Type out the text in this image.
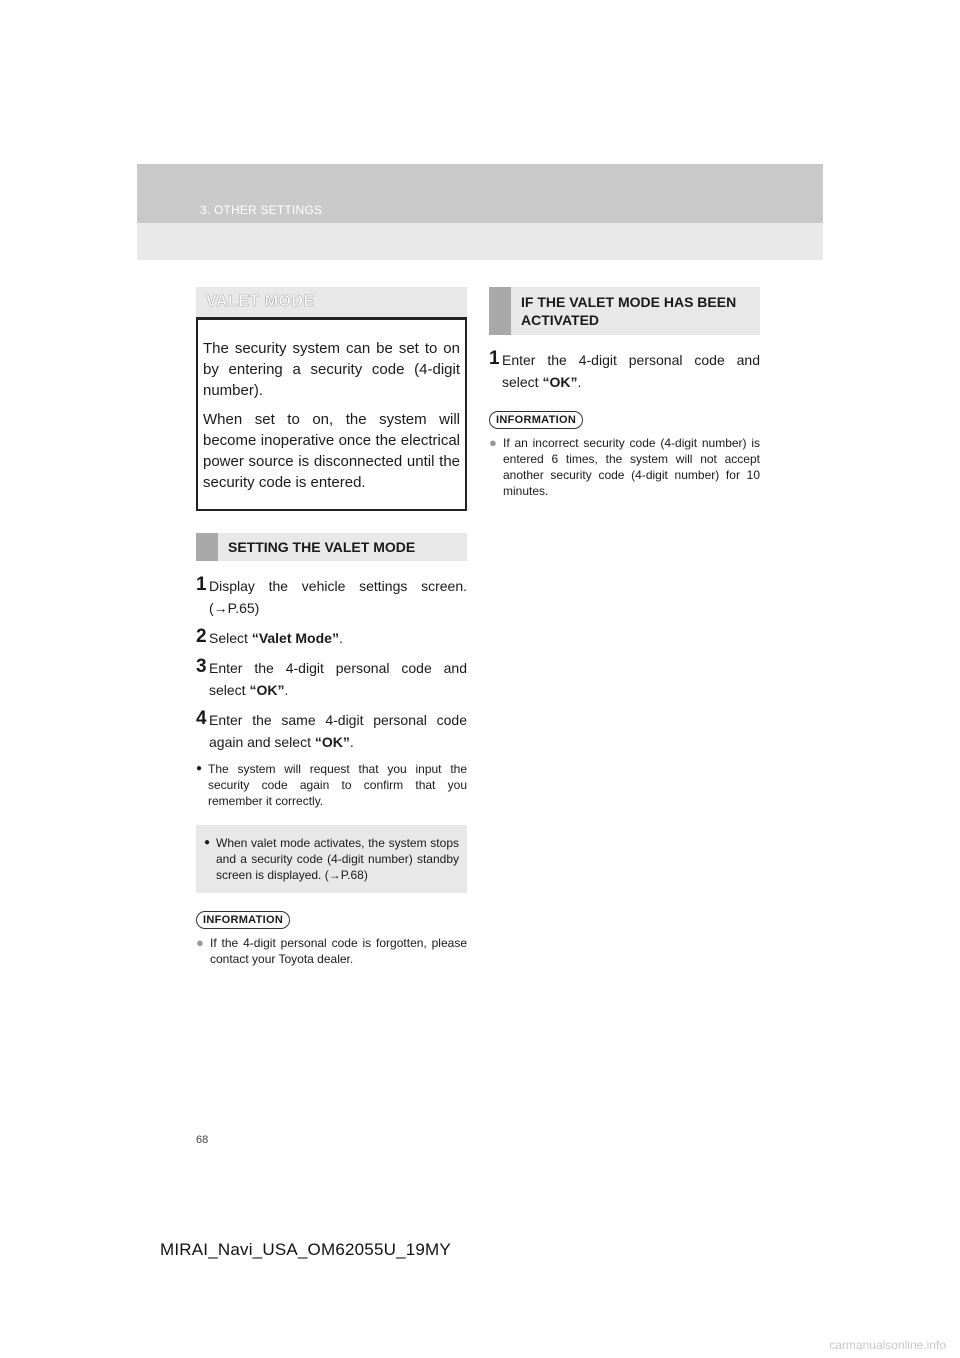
3. OTHER SETTINGS
VALET MODE

The security system can be set to on by entering a security code (4-digit number).

When set to on, the system will become inoperative once the electrical power source is disconnected until the security code is entered.

SETTING THE VALET MODE
1 Display the vehicle settings screen. (→P.65)
2 Select “Valet Mode”.
3 Enter the 4-digit personal code and select “OK”.
4 Enter the same 4-digit personal code again and select “OK”.
● The system will request that you input the security code again to confirm that you remember it correctly.
● When valet mode activates, the system stops and a security code (4-digit number) standby screen is displayed. (→P.68)
INFORMATION
● If the 4-digit personal code is forgotten, please contact your Toyota dealer.
IF THE VALET MODE HAS BEEN ACTIVATED
1 Enter the 4-digit personal code and select “OK”.
INFORMATION
● If an incorrect security code (4-digit number) is entered 6 times, the system will not accept another security code (4-digit number) for 10 minutes.
68
MIRAI_Navi_USA_OM62055U_19MY
carmanualsonline.info
